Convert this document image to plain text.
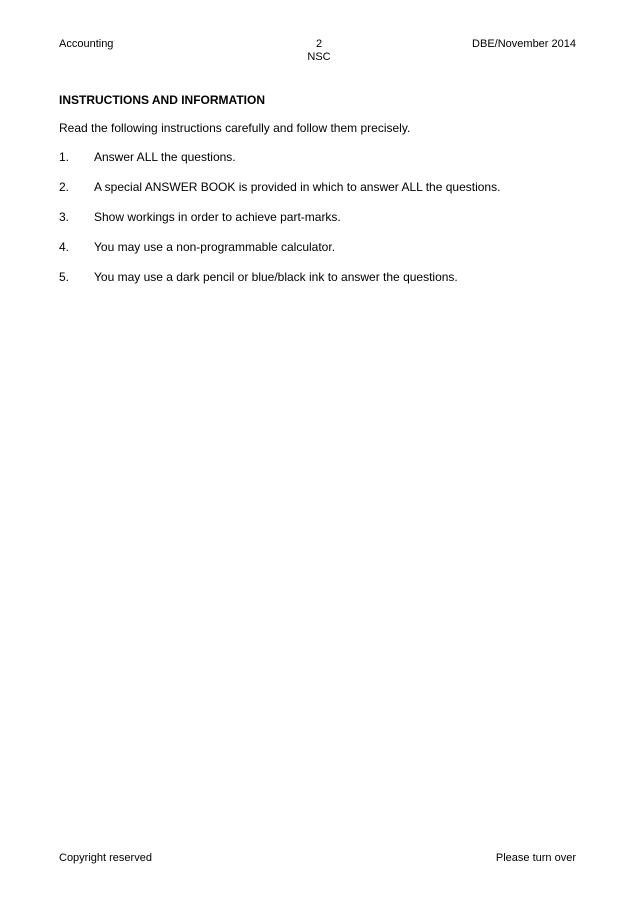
Accounting	2
NSC
DBE/November 2014
INSTRUCTIONS AND INFORMATION
Read the following instructions carefully and follow them precisely.
1.	Answer ALL the questions.
2.	A special ANSWER BOOK is provided in which to answer ALL the questions.
3.	Show workings in order to achieve part-marks.
4.	You may use a non-programmable calculator.
5.	You may use a dark pencil or blue/black ink to answer the questions.
Copyright reserved	Please turn over
